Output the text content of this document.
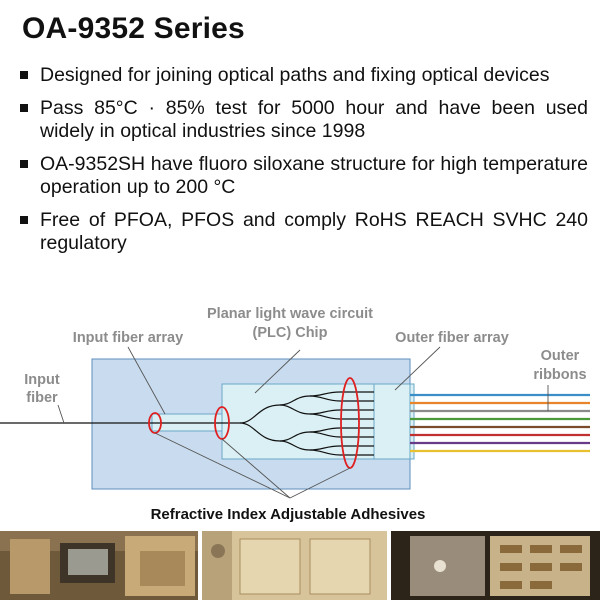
OA-9352 Series
Designed for joining optical paths and fixing optical devices
Pass 85°C · 85% test for 5000 hour and have been used widely in optical industries since 1998
OA-9352SH have fluoro siloxane structure for high temperature operation up to 200 °C
Free of PFOA, PFOS and comply RoHS REACH SVHC 240 regulatory
Planar light wave circuit
(PLC) Chip
Input fiber array	Outer fiber array
Outer
ribbons
Input
fiber
Refractive Index Adjustable Adhesives
